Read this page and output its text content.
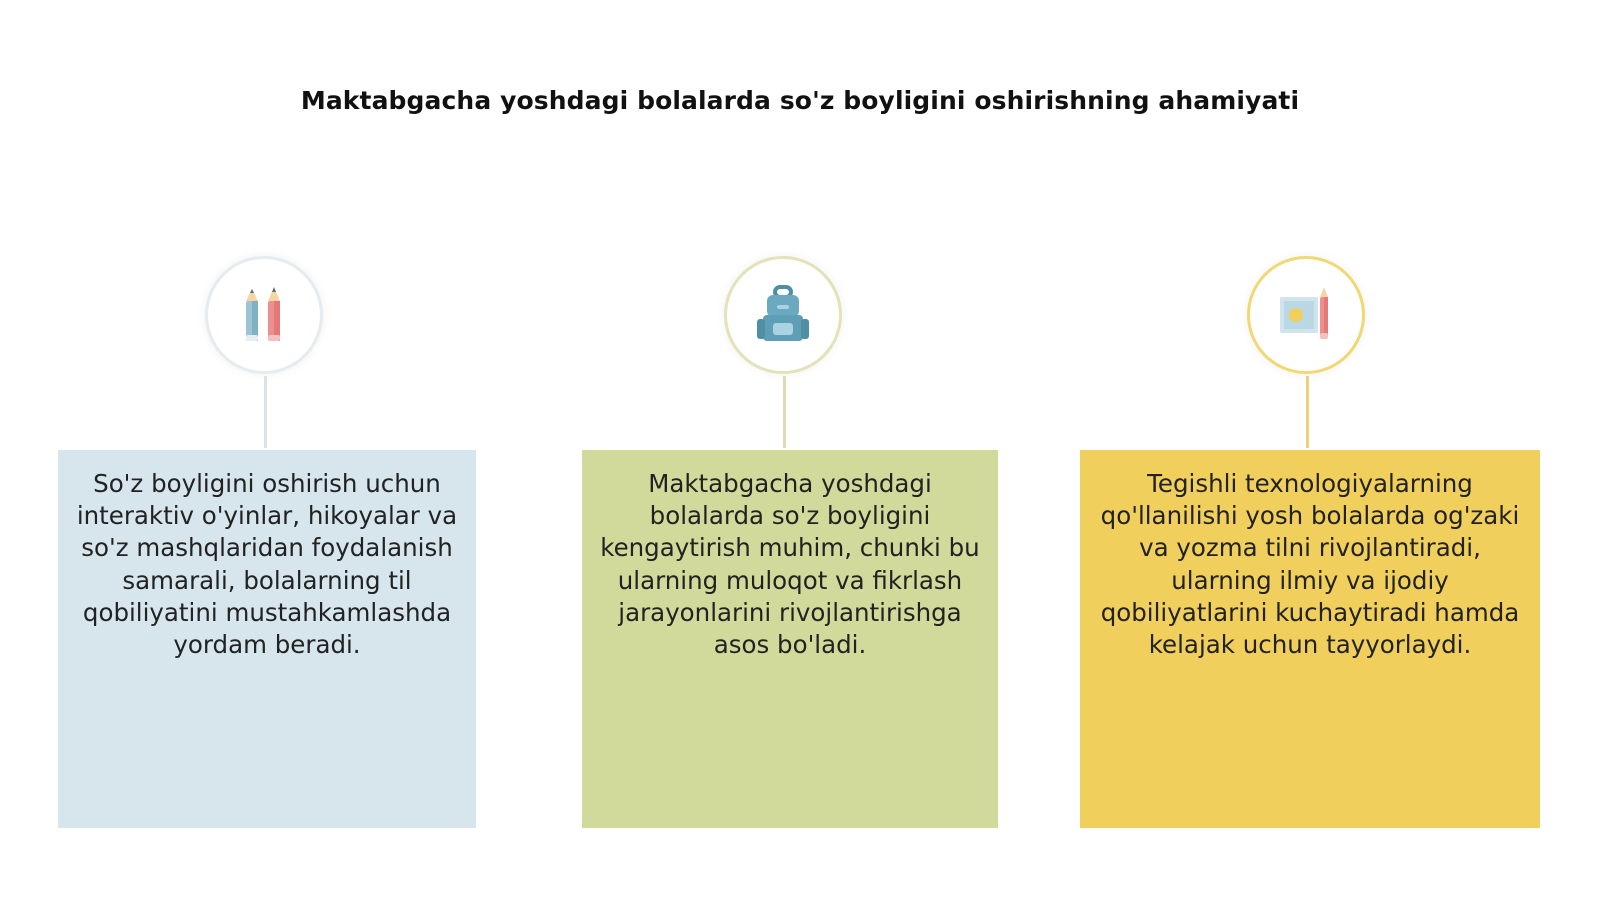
Maktabgacha yoshdagi bolalarda so'z boyligini oshirishning ahamiyati

So'z boyligini oshirish uchun interaktiv o'yinlar, hikoyalar va so'z mashqlaridan foydalanish samarali, bolalarning til qobiliyatini mustahkamlashda yordam beradi.

Maktabgacha yoshdagi bolalarda so'z boyligini kengaytirish muhim, chunki bu ularning muloqot va fikrlash jarayonlarini rivojlantirishga asos bo'ladi.

Tegishli texnologiyalarning qo'llanilishi yosh bolalarda og'zaki va yozma tilni rivojlantiradi, ularning ilmiy va ijodiy qobiliyatlarini kuchaytiradi hamda kelajak uchun tayyorlaydi.
